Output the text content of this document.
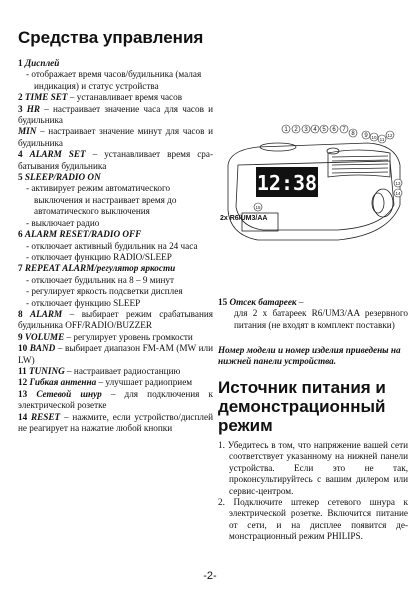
Средства управления
1 Дисплей
- отображает время часов/будильника (малая индикация) и статус устройства
2 TIME SET – устанавливает время часов
3 HR – настраивает значение часа для часов и будильника
MIN – настраивает значение минут для часов и будильника
4 ALARM SET – устанавливает время срабатывания будильника
5 SLEEP/RADIO ON
- активирует режим автоматического выключения и настраивает время до автоматического выключения
- выключает радио
6 ALARM RESET/RADIO OFF
- отключает активный будильник на 24 часа
- отключает функцию RADIO/SLEEP
7 REPEAT ALARM/регулятор яркости
- отключает будильник на 8 – 9 минут
- регулирует яркость подсветки дисплея
- отключает функцию SLEEP
8 ALARM – выбирает режим срабатывания будильника OFF/RADIO/BUZZER
9 VOLUME – регулирует уровень громкости
10 BAND – выбирает диапазон FM-AM (MW или LW)
11 TUNING – настраивает радиостанцию
12 Гибкая антенна – улучшает радиоприем
13 Сетевой шнур – для подключения к электрической розетке
14 RESET – нажмите, если устройство/дисплей не реагирует на нажатие любой кнопки
12:38
2x R6/UM3/AA
1 2 3 4 5 6 7
8 9 10 11
12
13
14
15
15 Отсек батареек –
для 2 x батареек R6/UM3/AA резервного питания (не входят в комплект поставки)
Номер модели и номер изделия приведены на нижней панели устройства.
Источник питания и
демонстрационный
режим
1. Убедитесь в том, что напряжение вашей сети соответствует указанному на нижней панели устройства. Если это не так, проконсультируйтесь с вашим дилером или сервис-центром.
2. Подключите штекер сетевого шнура к электрической розетке. Включится питание от сети, и на дисплее появится демонстрационный режим PHILIPS.
-2-
